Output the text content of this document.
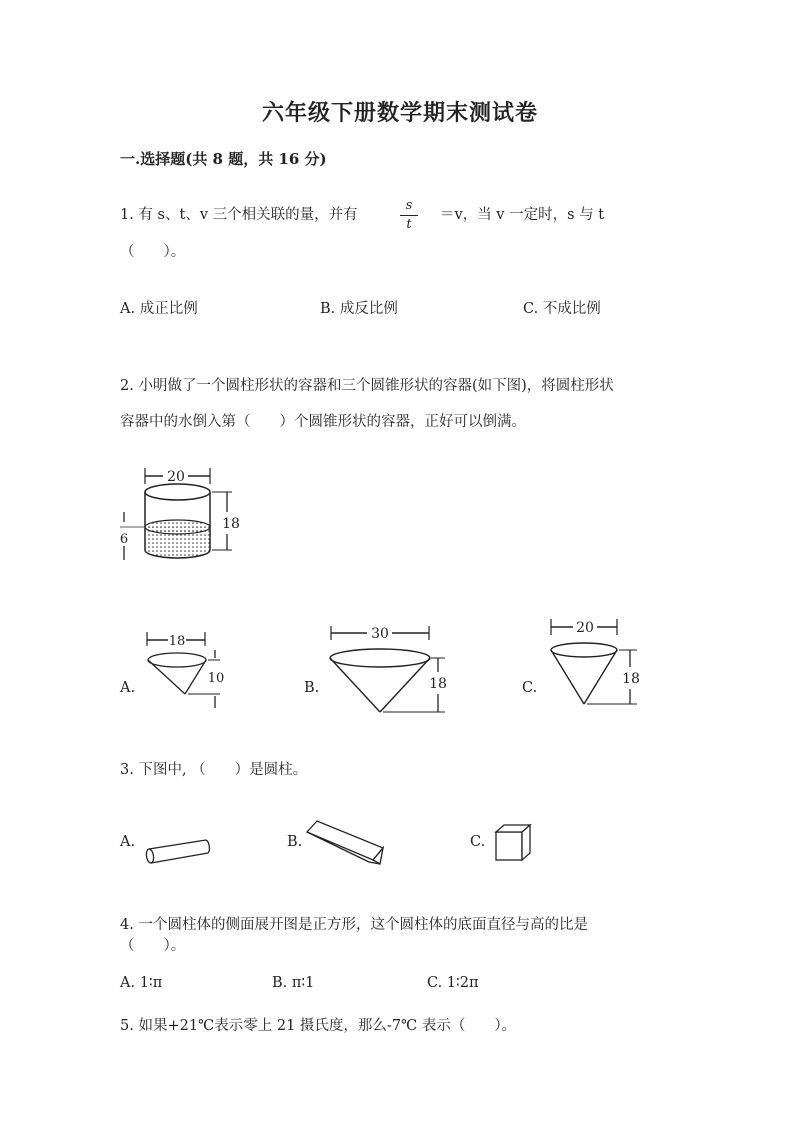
六年级下册数学期末测试卷
一.选择题(共 8 题，共 16 分)
1. 有 s、t、v 三个相关联的量，并有
s
t
＝v，当 v 一定时，s 与 t
（　　）。
A. 成正比例	B. 成反比例	C. 不成比例
2. 小明做了一个圆柱形状的容器和三个圆锥形状的容器(如下图)，将圆柱形状
容器中的水倒入第（　　）个圆锥形状的容器，正好可以倒满。
20
18
6
A.
18
10
B.
30
18	C.
20
18
3. 下图中, （　　）是圆柱。
A.	B.	C.
4. 一个圆柱体的侧面展开图是正方形，这个圆柱体的底面直径与高的比是
（　　）。
A. 1∶π	B. π∶1	C. 1∶2π
5. 如果+21℃表示零上 21 摄氏度，那么-7℃ 表示（　　）。
